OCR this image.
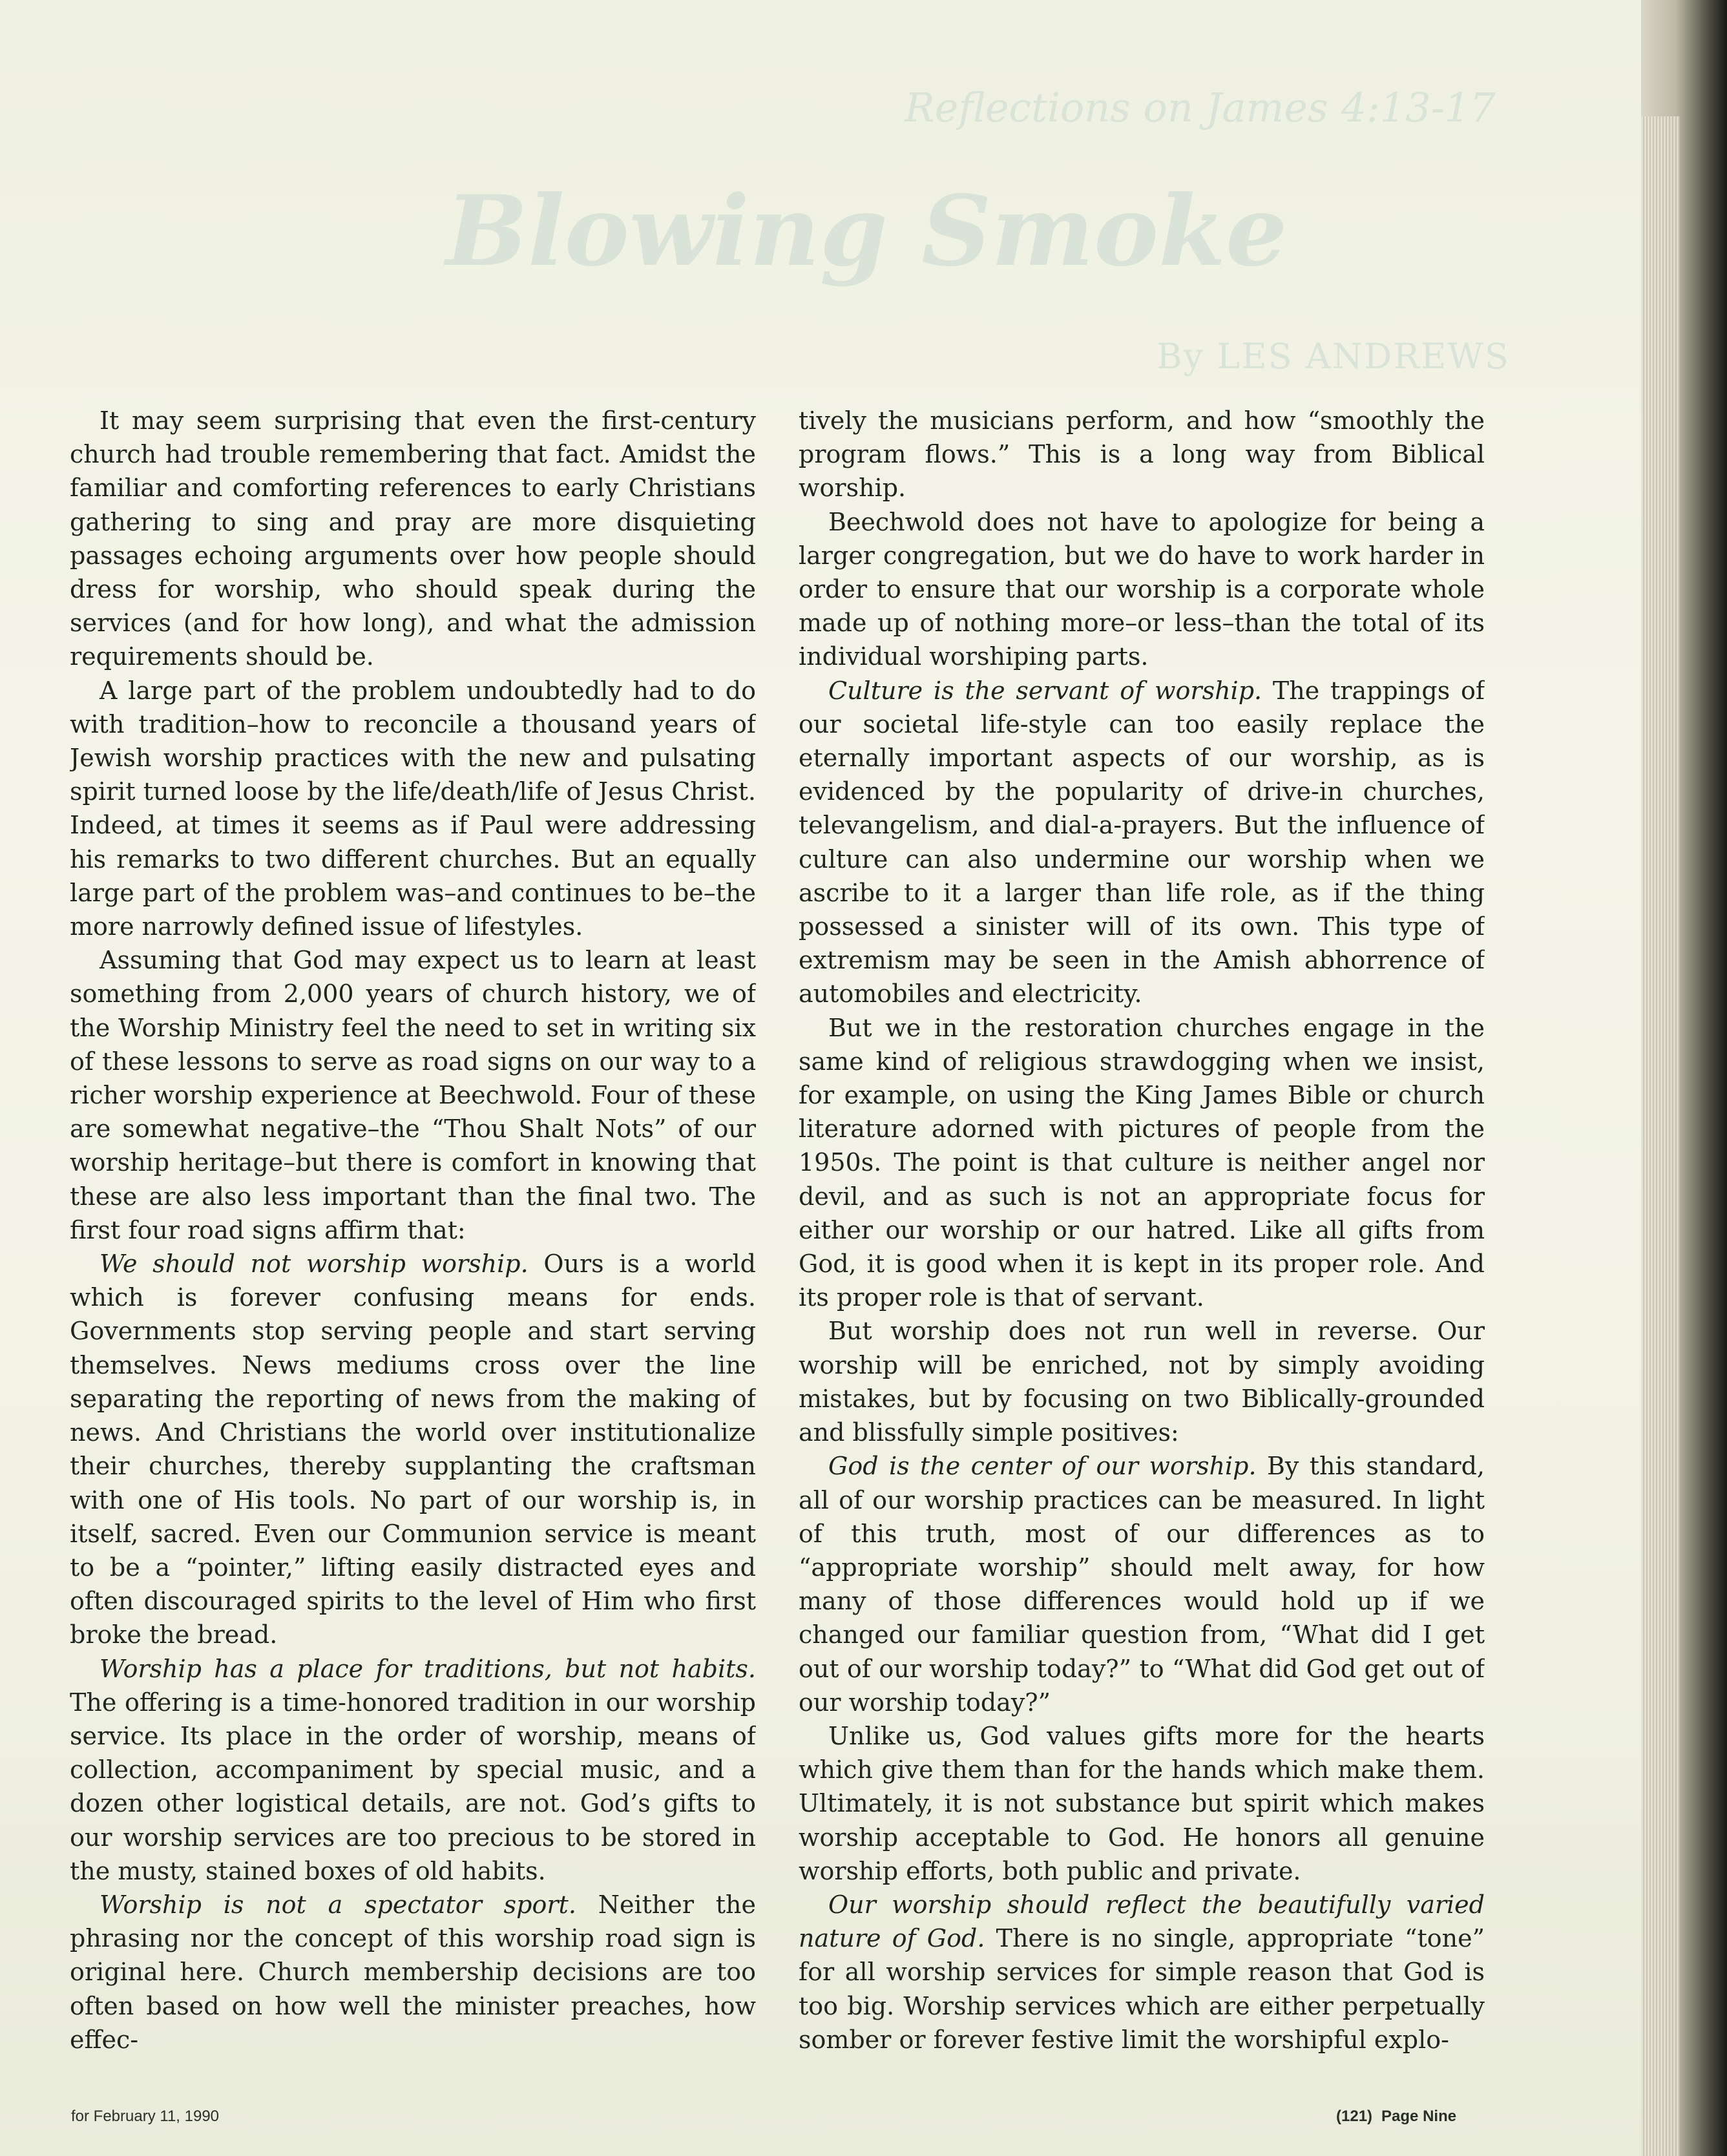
Reflections on James 4:13-17
Blowing Smoke
By LES ANDREWS

It may seem surprising that even the first-century church had trouble remembering that fact. Amidst the familiar and comforting references to early Christians gathering to sing and pray are more disquieting passages echoing arguments over how people should dress for worship, who should speak during the services (and for how long), and what the admission requirements should be.

A large part of the problem undoubtedly had to do with tradition–how to reconcile a thousand years of Jewish worship practices with the new and pulsating spirit turned loose by the life/death/life of Jesus Christ. Indeed, at times it seems as if Paul were addressing his remarks to two different churches. But an equally large part of the problem was–and continues to be–the more narrowly defined issue of lifestyles.

Assuming that God may expect us to learn at least something from 2,000 years of church history, we of the Worship Ministry feel the need to set in writing six of these lessons to serve as road signs on our way to a richer worship experience at Beechwold. Four of these are somewhat negative–the “Thou Shalt Nots” of our worship heritage–but there is comfort in knowing that these are also less important than the final two. The first four road signs affirm that:

We should not worship worship. Ours is a world which is forever confusing means for ends. Governments stop serving people and start serving themselves. News mediums cross over the line separating the reporting of news from the making of news. And Christians the world over institutionalize their churches, thereby supplanting the craftsman with one of His tools. No part of our worship is, in itself, sacred. Even our Communion service is meant to be a “pointer,” lifting easily distracted eyes and often discouraged spirits to the level of Him who first broke the bread.

Worship has a place for traditions, but not habits. The offering is a time-honored tradition in our worship service. Its place in the order of worship, means of collection, accompaniment by special music, and a dozen other logistical details, are not. God’s gifts to our worship services are too precious to be stored in the musty, stained boxes of old habits.

Worship is not a spectator sport. Neither the phrasing nor the concept of this worship road sign is original here. Church membership decisions are too often based on how well the minister preaches, how effec-

tively the musicians perform, and how “smoothly the program flows.” This is a long way from Biblical worship.

Beechwold does not have to apologize for being a larger congregation, but we do have to work harder in order to ensure that our worship is a corporate whole made up of nothing more–or less–than the total of its individual worshiping parts.

Culture is the servant of worship. The trappings of our societal life-style can too easily replace the eternally important aspects of our worship, as is evidenced by the popularity of drive-in churches, televangelism, and dial-a-prayers. But the influence of culture can also undermine our worship when we ascribe to it a larger than life role, as if the thing possessed a sinister will of its own. This type of extremism may be seen in the Amish abhorrence of automobiles and electricity.

But we in the restoration churches engage in the same kind of religious strawdogging when we insist, for example, on using the King James Bible or church literature adorned with pictures of people from the 1950s. The point is that culture is neither angel nor devil, and as such is not an appropriate focus for either our worship or our hatred. Like all gifts from God, it is good when it is kept in its proper role. And its proper role is that of servant.

But worship does not run well in reverse. Our worship will be enriched, not by simply avoiding mistakes, but by focusing on two Biblically-grounded and blissfully simple positives:

God is the center of our worship. By this standard, all of our worship practices can be measured. In light of this truth, most of our differences as to “appropriate worship” should melt away, for how many of those differences would hold up if we changed our familiar question from, “What did I get out of our worship today?” to “What did God get out of our worship today?”

Unlike us, God values gifts more for the hearts which give them than for the hands which make them. Ultimately, it is not substance but spirit which makes worship acceptable to God. He honors all genuine worship efforts, both public and private.

Our worship should reflect the beautifully varied nature of God. There is no single, appropriate “tone” for all worship services for simple reason that God is too big. Worship services which are either perpetually somber or forever festive limit the worshipful explo-

for February 11, 1990	(121) Page Nine
